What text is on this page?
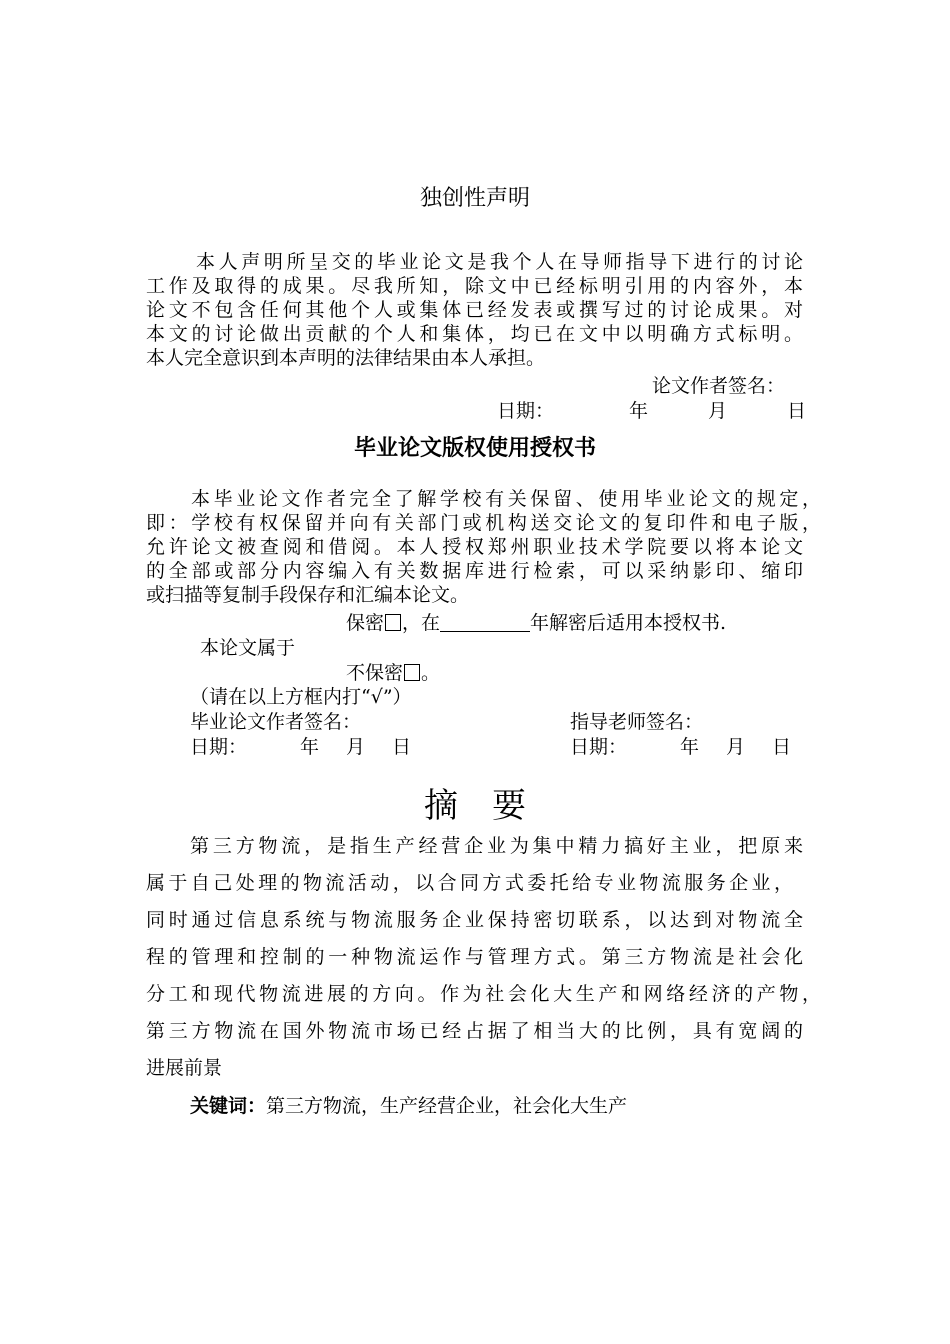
独创性声明
本人声明所呈交的毕业论文是我个人在导师指导下进行的讨论
工作及取得的成果。尽我所知，除文中已经标明引用的内容外，本
论文不包含任何其他个人或集体已经发表或撰写过的讨论成果。对
本文的讨论做出贡献的个人和集体，均已在文中以明确方式标明。
本人完全意识到本声明的法律结果由本人承担。
论文作者签名：
日期：	年	月	日
毕业论文版权使用授权书
本毕业论文作者完全了解学校有关保留、使用毕业论文的规定，
即：学校有权保留并向有关部门或机构送交论文的复印件和电子版，
允许论文被查阅和借阅。本人授权郑州职业技术学院要以将本论文
的全部或部分内容编入有关数据库进行检索，可以采纳影印、缩印
或扫描等复制手段保存和汇编本论文。
保密 ，在	年解密后适用本授权书.
本论文属于
不保密 。
（请在以上方框内打“√”）
毕业论文作者签名：	指导老师签名：
日期：	年 月 日	日期：	年 月 日
摘　要
第三方物流，是指生产经营企业为集中精力搞好主业，把原来
属于自己处理的物流活动，以合同方式委托给专业物流服务企业，
同时通过信息系统与物流服务企业保持密切联系，以达到对物流全
程的管理和控制的一种物流运作与管理方式。第三方物流是社会化
分工和现代物流进展的方向。作为社会化大生产和网络经济的产物，
第三方物流在国外物流市场已经占据了相当大的比例，具有宽阔的
进展前景
关键词：第三方物流，生产经营企业，社会化大生产
